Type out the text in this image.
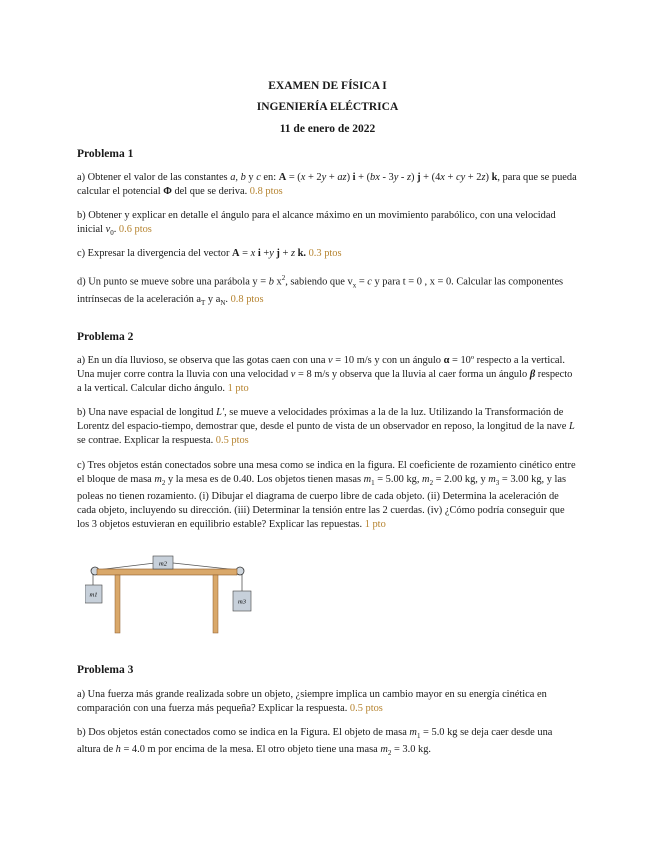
EXAMEN DE FÍSICA I
INGENIERÍA ELÉCTRICA
11 de enero de 2022
Problema 1
a) Obtener el valor de las constantes a, b y c en: A = (x + 2y + az) i + (bx - 3y - z) j + (4x + cy + 2z) k, para que se pueda calcular el potencial Φ del que se deriva. 0.8 ptos
b) Obtener y explicar en detalle el ángulo para el alcance máximo en un movimiento parabólico, con una velocidad inicial $v_0$. 0.6 ptos
c) Expresar la divergencia del vector A = x i +y j + z k. 0.3 ptos
d) Un punto se mueve sobre una parábola y = b $x^2$, sabiendo que $v_x = c$ y para t = 0 , x = 0. Calcular las componentes intrínsecas de la aceleración $a_T$ y $a_N$. 0.8 ptos
Problema 2
a) En un día lluvioso, se observa que las gotas caen con una v = 10 m/s y con un ángulo α = 10º respecto a la vertical. Una mujer corre contra la lluvia con una velocidad v = 8 m/s y observa que la lluvia al caer forma un ángulo β respecto a la vertical. Calcular dicho ángulo. 1 pto
b) Una nave espacial de longitud L', se mueve a velocidades próximas a la de la luz. Utilizando la Transformación de Lorentz del espacio-tiempo, demostrar que, desde el punto de vista de un observador en reposo, la longitud de la nave L se contrae. Explicar la respuesta. 0.5 ptos
c) Tres objetos están conectados sobre una mesa como se indica en la figura. El coeficiente de rozamiento cinético entre el bloque de masa $m_2$ y la mesa es de 0.40. Los objetos tienen masas $m_1 = 5.00$ kg, $m_2 = 2.00$ kg, y $m_3 = 3.00$ kg, y las poleas no tienen rozamiento. (i) Dibujar el diagrama de cuerpo libre de cada objeto. (ii) Determina la aceleración de cada objeto, incluyendo su dirección. (iii) Determinar la tensión entre las 2 cuerdas. (iv) ¿Cómo podría conseguir que los 3 objetos estuvieran en equilibrio estable? Explicar las repuestas. 1 pto
m2
m1
m3
Problema 3
a) Una fuerza más grande realizada sobre un objeto, ¿siempre implica un cambio mayor en su energía cinética en comparación con una fuerza más pequeña? Explicar la respuesta. 0.5 ptos
b) Dos objetos están conectados como se indica en la Figura. El objeto de masa $m_1 = 5.0$ kg se deja caer desde una altura de h = 4.0 m por encima de la mesa. El otro objeto tiene una masa $m_2 = 3.0$ kg.
